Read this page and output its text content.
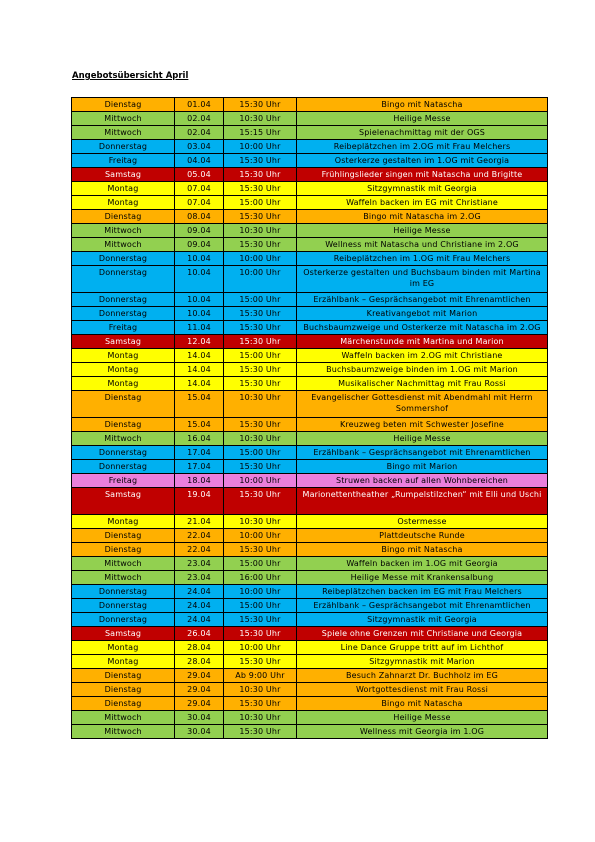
Angebotsübersicht April
Dienstag	01.04	15:30 Uhr	Bingo mit Natascha
Mittwoch	02.04	10:30 Uhr	Heilige Messe
Mittwoch	02.04	15:15 Uhr	Spielenachmittag mit der OGS
Donnerstag	03.04	10:00 Uhr	Reibeplätzchen im 2.OG mit Frau Melchers
Freitag	04.04	15:30 Uhr	Osterkerze gestalten im 1.OG mit Georgia
Samstag	05.04	15:30 Uhr	Frühlingslieder singen mit Natascha und Brigitte
Montag	07.04	15:30 Uhr	Sitzgymnastik mit Georgia
Montag	07.04	15:00 Uhr	Waffeln backen im EG mit Christiane
Dienstag	08.04	15:30 Uhr	Bingo mit Natascha im 2.OG
Mittwoch	09.04	10:30 Uhr	Heilige Messe
Mittwoch	09.04	15:30 Uhr	Wellness mit Natascha und Christiane im 2.OG
Donnerstag	10.04	10:00 Uhr	Reibeplätzchen im 1.OG mit Frau Melchers
Donnerstag	10.04	10:00 Uhr	Osterkerze gestalten und Buchsbaum binden mit Martina im EG
Donnerstag	10.04	15:00 Uhr	Erzählbank – Gesprächsangebot mit Ehrenamtlichen
Donnerstag	10.04	15:30 Uhr	Kreativangebot mit Marion
Freitag	11.04	15:30 Uhr	Buchsbaumzweige und Osterkerze mit Natascha im 2.OG
Samstag	12.04	15:30 Uhr	Märchenstunde mit Martina und Marion
Montag	14.04	15:00 Uhr	Waffeln backen im 2.OG mit Christiane
Montag	14.04	15:30 Uhr	Buchsbaumzweige binden im 1.OG mit Marion
Montag	14.04	15:30 Uhr	Musikalischer Nachmittag mit Frau Rossi
Dienstag	15.04	10:30 Uhr	Evangelischer Gottesdienst mit Abendmahl mit Herrn Sommershof
Dienstag	15.04	15:30 Uhr	Kreuzweg beten mit Schwester Josefine
Mittwoch	16.04	10:30 Uhr	Heilige Messe
Donnerstag	17.04	15:00 Uhr	Erzählbank – Gesprächsangebot mit Ehrenamtlichen
Donnerstag	17.04	15:30 Uhr	Bingo mit Marion
Freitag	18.04	10:00 Uhr	Struwen backen auf allen Wohnbereichen
Samstag	19.04	15:30 Uhr	Marionettentheather „Rumpelstilzchen“ mit Elli und Uschi
Montag	21.04	10:30 Uhr	Ostermesse
Dienstag	22.04	10:00 Uhr	Plattdeutsche Runde
Dienstag	22.04	15:30 Uhr	Bingo mit Natascha
Mittwoch	23.04	15:00 Uhr	Waffeln backen im 1.OG mit Georgia
Mittwoch	23.04	16:00 Uhr	Heilige Messe mit Krankensalbung
Donnerstag	24.04	10:00 Uhr	Reibeplätzchen backen im EG mit Frau Melchers
Donnerstag	24.04	15:00 Uhr	Erzählbank – Gesprächsangebot mit Ehrenamtlichen
Donnerstag	24.04	15:30 Uhr	Sitzgymnastik mit Georgia
Samstag	26.04	15:30 Uhr	Spiele ohne Grenzen mit Christiane und Georgia
Montag	28.04	10:00 Uhr	Line Dance Gruppe tritt auf im Lichthof
Montag	28.04	15:30 Uhr	Sitzgymnastik mit Marion
Dienstag	29.04	Ab 9:00 Uhr	Besuch Zahnarzt Dr. Buchholz im EG
Dienstag	29.04	10:30 Uhr	Wortgottesdienst mit Frau Rossi
Dienstag	29.04	15:30 Uhr	Bingo mit Natascha
Mittwoch	30.04	10:30 Uhr	Heilige Messe
Mittwoch	30.04	15:30 Uhr	Wellness mit Georgia im 1.OG
